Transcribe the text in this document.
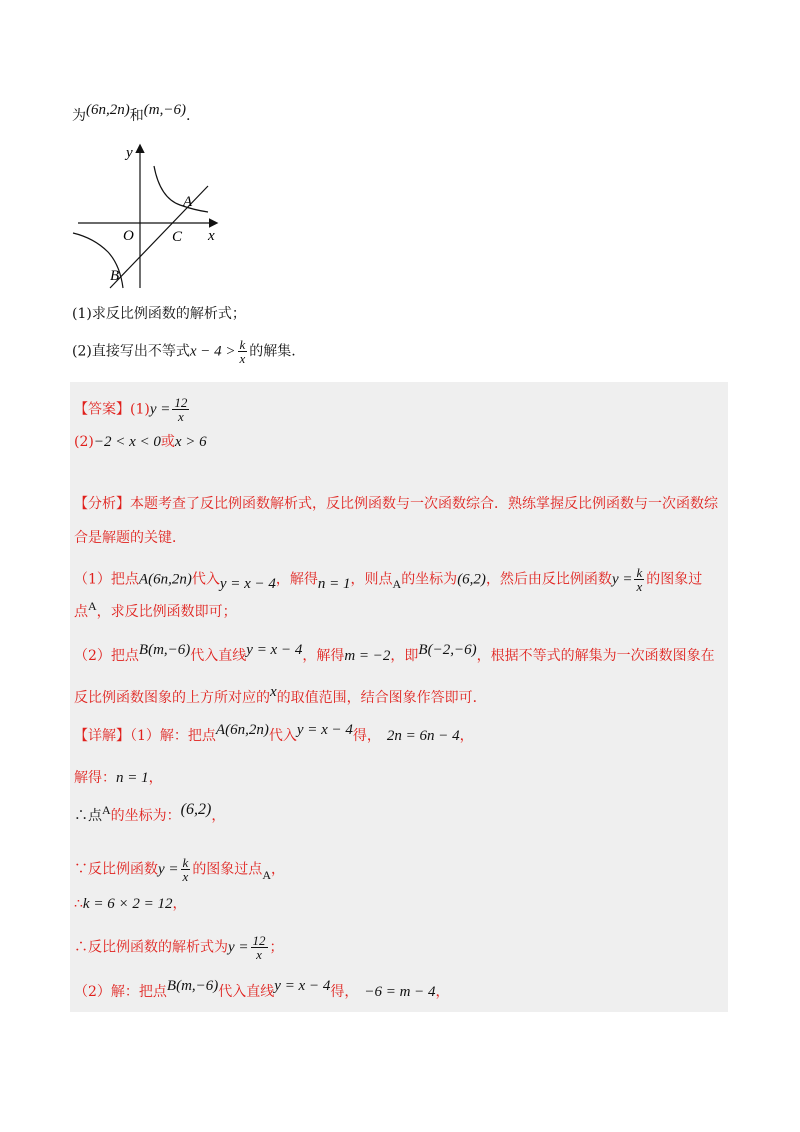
为(6n,2n)和(m,−6).
y
x
O
A
B
C
(1)求反比例函数的解析式；
(2)直接写出不等式$x - 4 > \frac{k}{x}$ 的解集.
【答案】$(1)y = \frac{12}{x}$
(2)−2 < x < 0或x > 6
【分析】本题考查了反比例函数解析式，反比例函数与一次函数综合．熟练掌握反比例函数与一次函数综
合是解题的关键．
（1）把点A(6n,2n)代入y = x − 4，解得n = 1，则点A的坐标为(6,2)，然后由反比例函数$y = \frac{k}{x}$ 的图象过
点A，求反比例函数即可；
（2）把点B(m,−6)代入直线y = x − 4，解得m = −2，即B(−2,−6)，根据不等式的解集为一次函数图象在
反比例函数图象的上方所对应的x的取值范围，结合图象作答即可．
【详解】（1）解：把点A(6n,2n)代入y = x − 4得， 2n = 6n − 4，
解得：n = 1，
∴点A的坐标为：(6,2)，
∵反比例函数$y = \frac{k}{x}$ 的图象过点A，
∴k = 6 × 2 = 12，
∴反比例函数的解析式为$y = \frac{12}{x}$ ；
（2）解：把点B(m,−6)代入直线y = x − 4得， −6 = m − 4，
